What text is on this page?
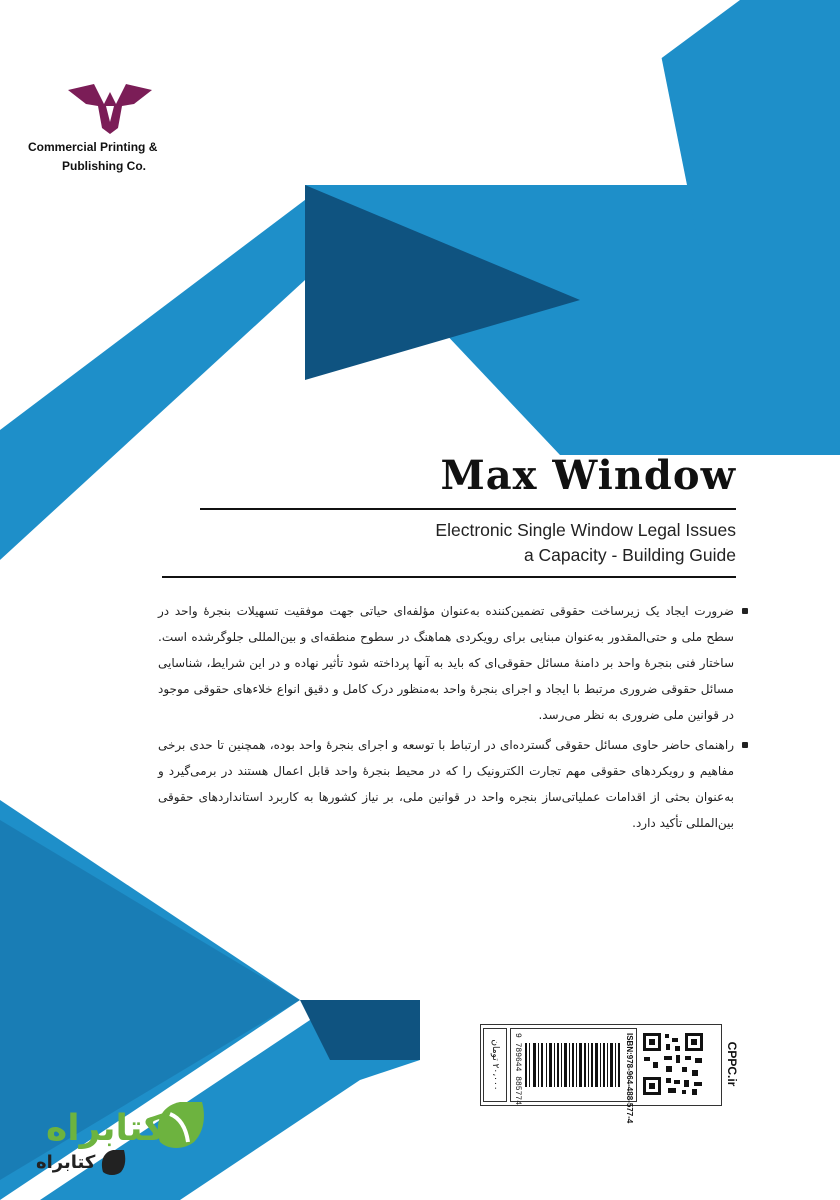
Commercial Printing &
Publishing Co.
Max Window
Electronic Single Window Legal Issues
a Capacity - Building Guide

ضرورت ایجاد یک زیرساخت حقوقی تضمین‌کننده به‌عنوان مؤلفه‌ای حیاتی جهت موفقیت تسهیلات بنجرهٔ واحد در سطح ملی و حتی‌المقدور به‌عنوان مبنایی برای رویکردی هماهنگ در سطوح منطقه‌ای و بین‌المللی جلوگرشده است. ساختار فنی بنجرهٔ واحد بر دامنهٔ مسائل حقوقی‌ای که باید به آنها پرداخته شود تأثیر نهاده و در این شرایط، شناسایی مسائل حقوقی ضروری مرتبط با ایجاد و اجرای بنجرهٔ واحد به‌منظور درک کامل و دقیق انواع خلاءهای حقوقی موجود در قوانین ملی ضروری به نظر می‌رسد.

راهنمای حاضر حاوی مسائل حقوقی گسترده‌ای در ارتباط با توسعه و اجرای بنجرهٔ واحد بوده، همچنین تا حدی برخی مفاهیم و رویکردهای حقوقی مهم تجارت الکترونیک را که در محیط بنجرهٔ واحد قابل اعمال هستند در برمی‌گیرد و به‌عنوان بحثی از اقدامات عملیاتی‌ساز بنجره واحد در قوانین ملی، بر نیاز کشورها به کاربرد استانداردهای حقوقی بین‌المللی تأکید دارد.

۲۰،۰۰۰ تومان	ISBN:978-964-488-577-4
9 789644 885774	CPPC.ir
کتابراه
کتابراه
